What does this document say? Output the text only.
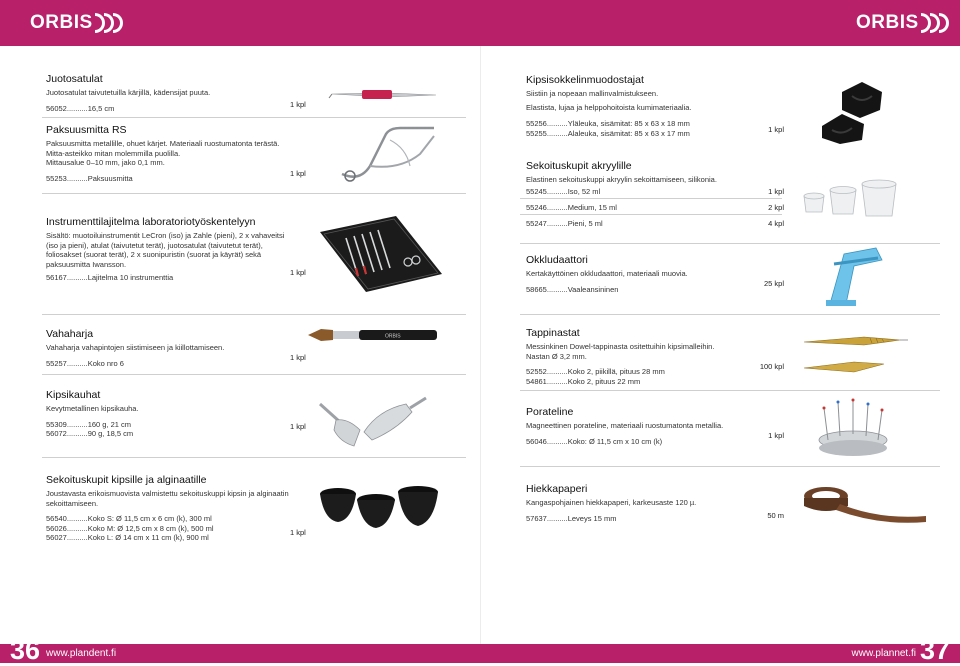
ORBIS	ORBIS
36	37
www.plandent.fi	www.plannet.fi
Juotosatulat

Juotosatulat taivutetuilla kärjillä, kädensijat puuta.

56052..........16,5 cm	1 kpl
Paksuusmitta RS

Paksuusmitta metallille, ohuet kärjet. Materiaali ruostumatonta terästä.

Mitta-asteikko mitan molemmilla puolilla.

Mittausalue 0–10 mm, jako 0,1 mm.

55253..........Paksuusmitta	1 kpl
Instrumenttilajitelma laboratoriotyöskentelyyn

Sisältö: muotoiluinstrumentit LeCron (iso) ja Zahle (pieni), 2 x vahaveitsi (iso ja pieni), atulat (taivutetut terät), juotosatulat (taivutetut terät), foliosakset (suorat terät), 2 x suonipuristin (suorat ja käyrät) sekä paksuusmitta Iwansson.

56167..........Lajitelma 10 instrumenttia
1 kpl
Vahaharja

Vahaharja vahapintojen siistimiseen ja kiillottamiseen.

55257..........Koko nro 6
1 kpl
ORBIS
Kipsikauhat

Kevytmetallinen kipsikauha.

55309..........160 g, 21 cm
56072..........90 g, 18,5 cm
1 kpl
Sekoituskupit kipsille ja alginaatille

Joustavasta erikoismuovista valmistettu sekoituskuppi kipsin ja alginaatin sekoittamiseen.

56540..........Koko S: Ø 11,5 cm x 6 cm (k), 300 ml
56026..........Koko M: Ø 12,5 cm x 8 cm (k), 500 ml
56027..........Koko L: Ø 14 cm x 11 cm (k), 900 ml
1 kpl
Kipsisokkelinmuodostajat

Siistiin ja nopeaan mallinvalmistukseen.

Elastista, lujaa ja helppohoitoista kumimateriaalia.

55256..........Yläleuka, sisämitat: 85 x 63 x 18 mm
55255..........Alaleuka, sisämitat: 85 x 63 x 17 mm	1 kpl
Sekoituskupit akryylille

Elastinen sekoituskuppi akryylin sekoittamiseen, silikonia.

55245..........Iso, 52 ml	1 kpl
55246..........Medium, 15 ml	2 kpl
55247..........Pieni, 5 ml	4 kpl
Okkludaattori

Kertakäyttöinen okkludaattori, materiaali muovia.

58665..........Vaaleansininen
25 kpl
Tappinastat

Messinkinen Dowel-tappinasta ositettuihin kipsimalleihin.

Nastan Ø 3,2 mm.

52552..........Koko 2, piikillä, pituus 28 mm
54861..........Koko 2, pituus 22 mm
100 kpl
Porateline

Magneettinen porateline, materiaali ruostumatonta metallia.

56046..........Koko: Ø 11,5 cm x 10 cm (k)
1 kpl
Hiekkapaperi

Kangaspohjainen hiekkapaperi, karkeusaste 120 µ.

57637..........Leveys 15 mm	50 m
